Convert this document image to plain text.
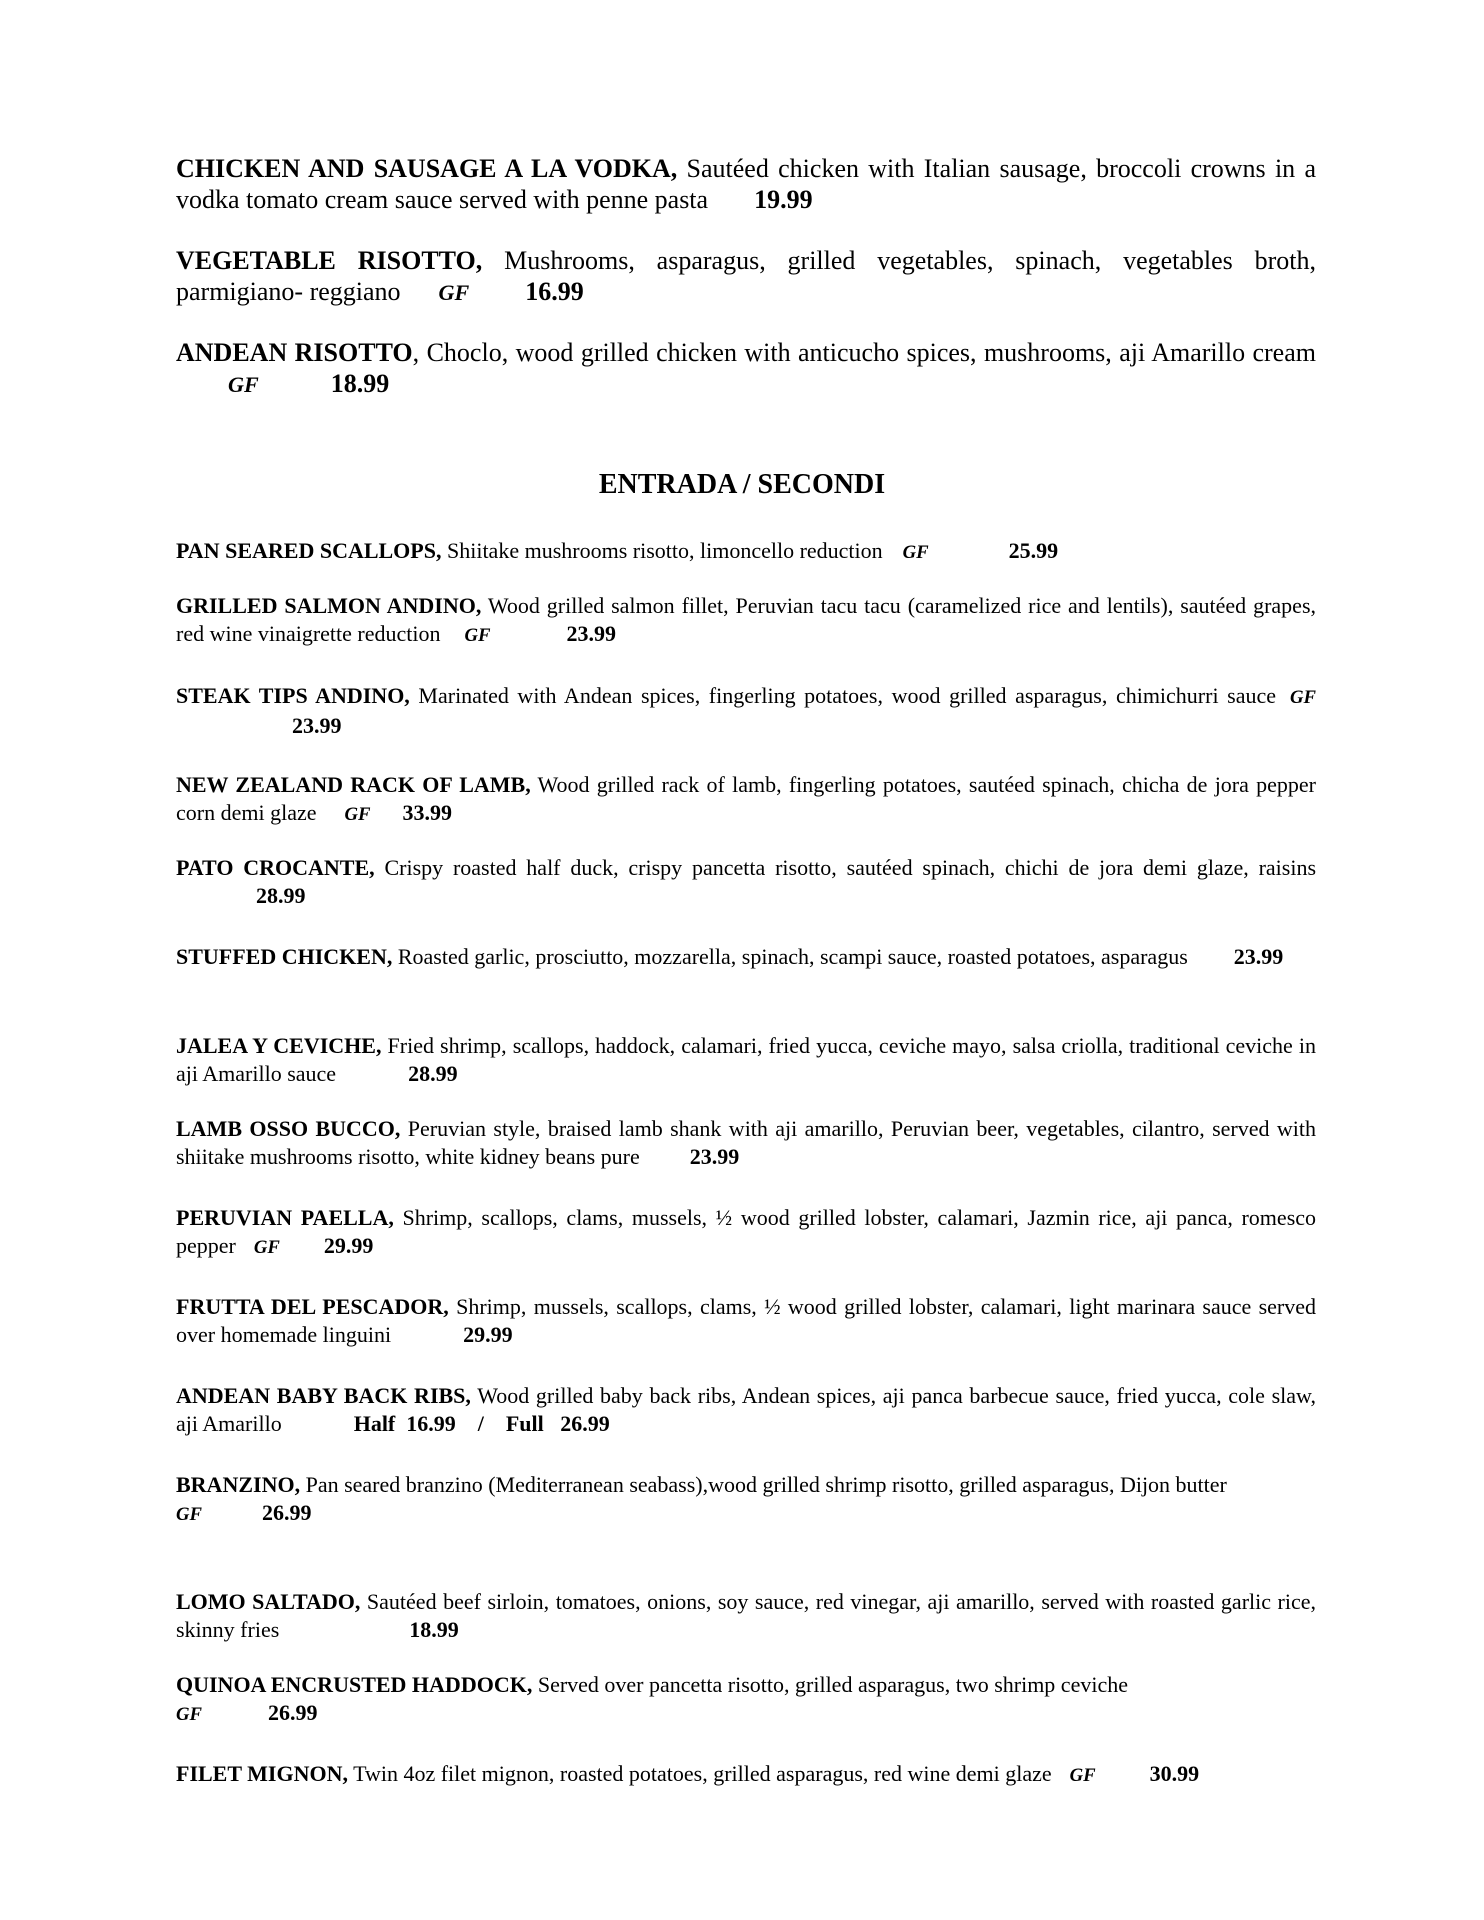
CHICKEN AND SAUSAGE A LA VODKA, Sautéed chicken with Italian sausage, broccoli crowns in a vodka tomato cream sauce served with penne pasta 19.99

VEGETABLE RISOTTO, Mushrooms, asparagus, grilled vegetables, spinach, vegetables broth, parmigiano- reggiano GF 16.99

ANDEAN RISOTTO, Choclo, wood grilled chicken with anticucho spices, mushrooms, aji Amarillo creamGF	18.99

ENTRADA / SECONDI

PAN SEARED SCALLOPS, Shiitake mushrooms risotto, limoncello reduction GF	25.99

GRILLED SALMON ANDINO, Wood grilled salmon fillet, Peruvian tacu tacu (caramelized rice and lentils), sautéed grapes, red wine vinaigrette reduction GF	23.99

STEAK TIPS ANDINO, Marinated with Andean spices, fingerling potatoes, wood grilled asparagus, chimichurri sauce GF23.99

NEW ZEALAND RACK OF LAMB, Wood grilled rack of lamb, fingerling potatoes, sautéed spinach, chicha de jora pepper corn demi glaze GF 33.99

PATO CROCANTE, Crispy roasted half duck, crispy pancetta risotto, sautéed spinach, chichi de jora demi glaze, raisins28.99

STUFFED CHICKEN, Roasted garlic, prosciutto, mozzarella, spinach, scampi sauce, roasted potatoes, asparagus 23.99

JALEA Y CEVICHE, Fried shrimp, scallops, haddock, calamari, fried yucca, ceviche mayo, salsa criolla, traditional ceviche in aji Amarillo sauce	28.99

LAMB OSSO BUCCO, Peruvian style, braised lamb shank with aji amarillo, Peruvian beer, vegetables, cilantro, served with shiitake mushrooms risotto, white kidney beans pure 23.99

PERUVIAN PAELLA, Shrimp, scallops, clams, mussels, ½ wood grilled lobster, calamari, Jazmin rice, aji panca, romesco pepper GF 29.99

FRUTTA DEL PESCADOR, Shrimp, mussels, scallops, clams, ½ wood grilled lobster, calamari, light marinara sauce served over homemade linguini	29.99

ANDEAN BABY BACK RIBS, Wood grilled baby back ribs, Andean spices, aji panca barbecue sauce, fried yucca, cole slaw, aji Amarillo	Half  16.99    /    Full   26.99

BRANZINO, Pan seared branzino (Mediterranean seabass),wood grilled shrimp risotto, grilled asparagus, Dijon butter
GF	26.99

LOMO SALTADO, Sautéed beef sirloin, tomatoes, onions, soy sauce, red vinegar, aji amarillo, served with roasted garlic rice, skinny fries	18.99

QUINOA ENCRUSTED HADDOCK, Served over pancetta risotto, grilled asparagus, two shrimp ceviche
GF	26.99

FILET MIGNON, Twin 4oz filet mignon, roasted potatoes, grilled asparagus, red wine demi glaze GF 30.99
